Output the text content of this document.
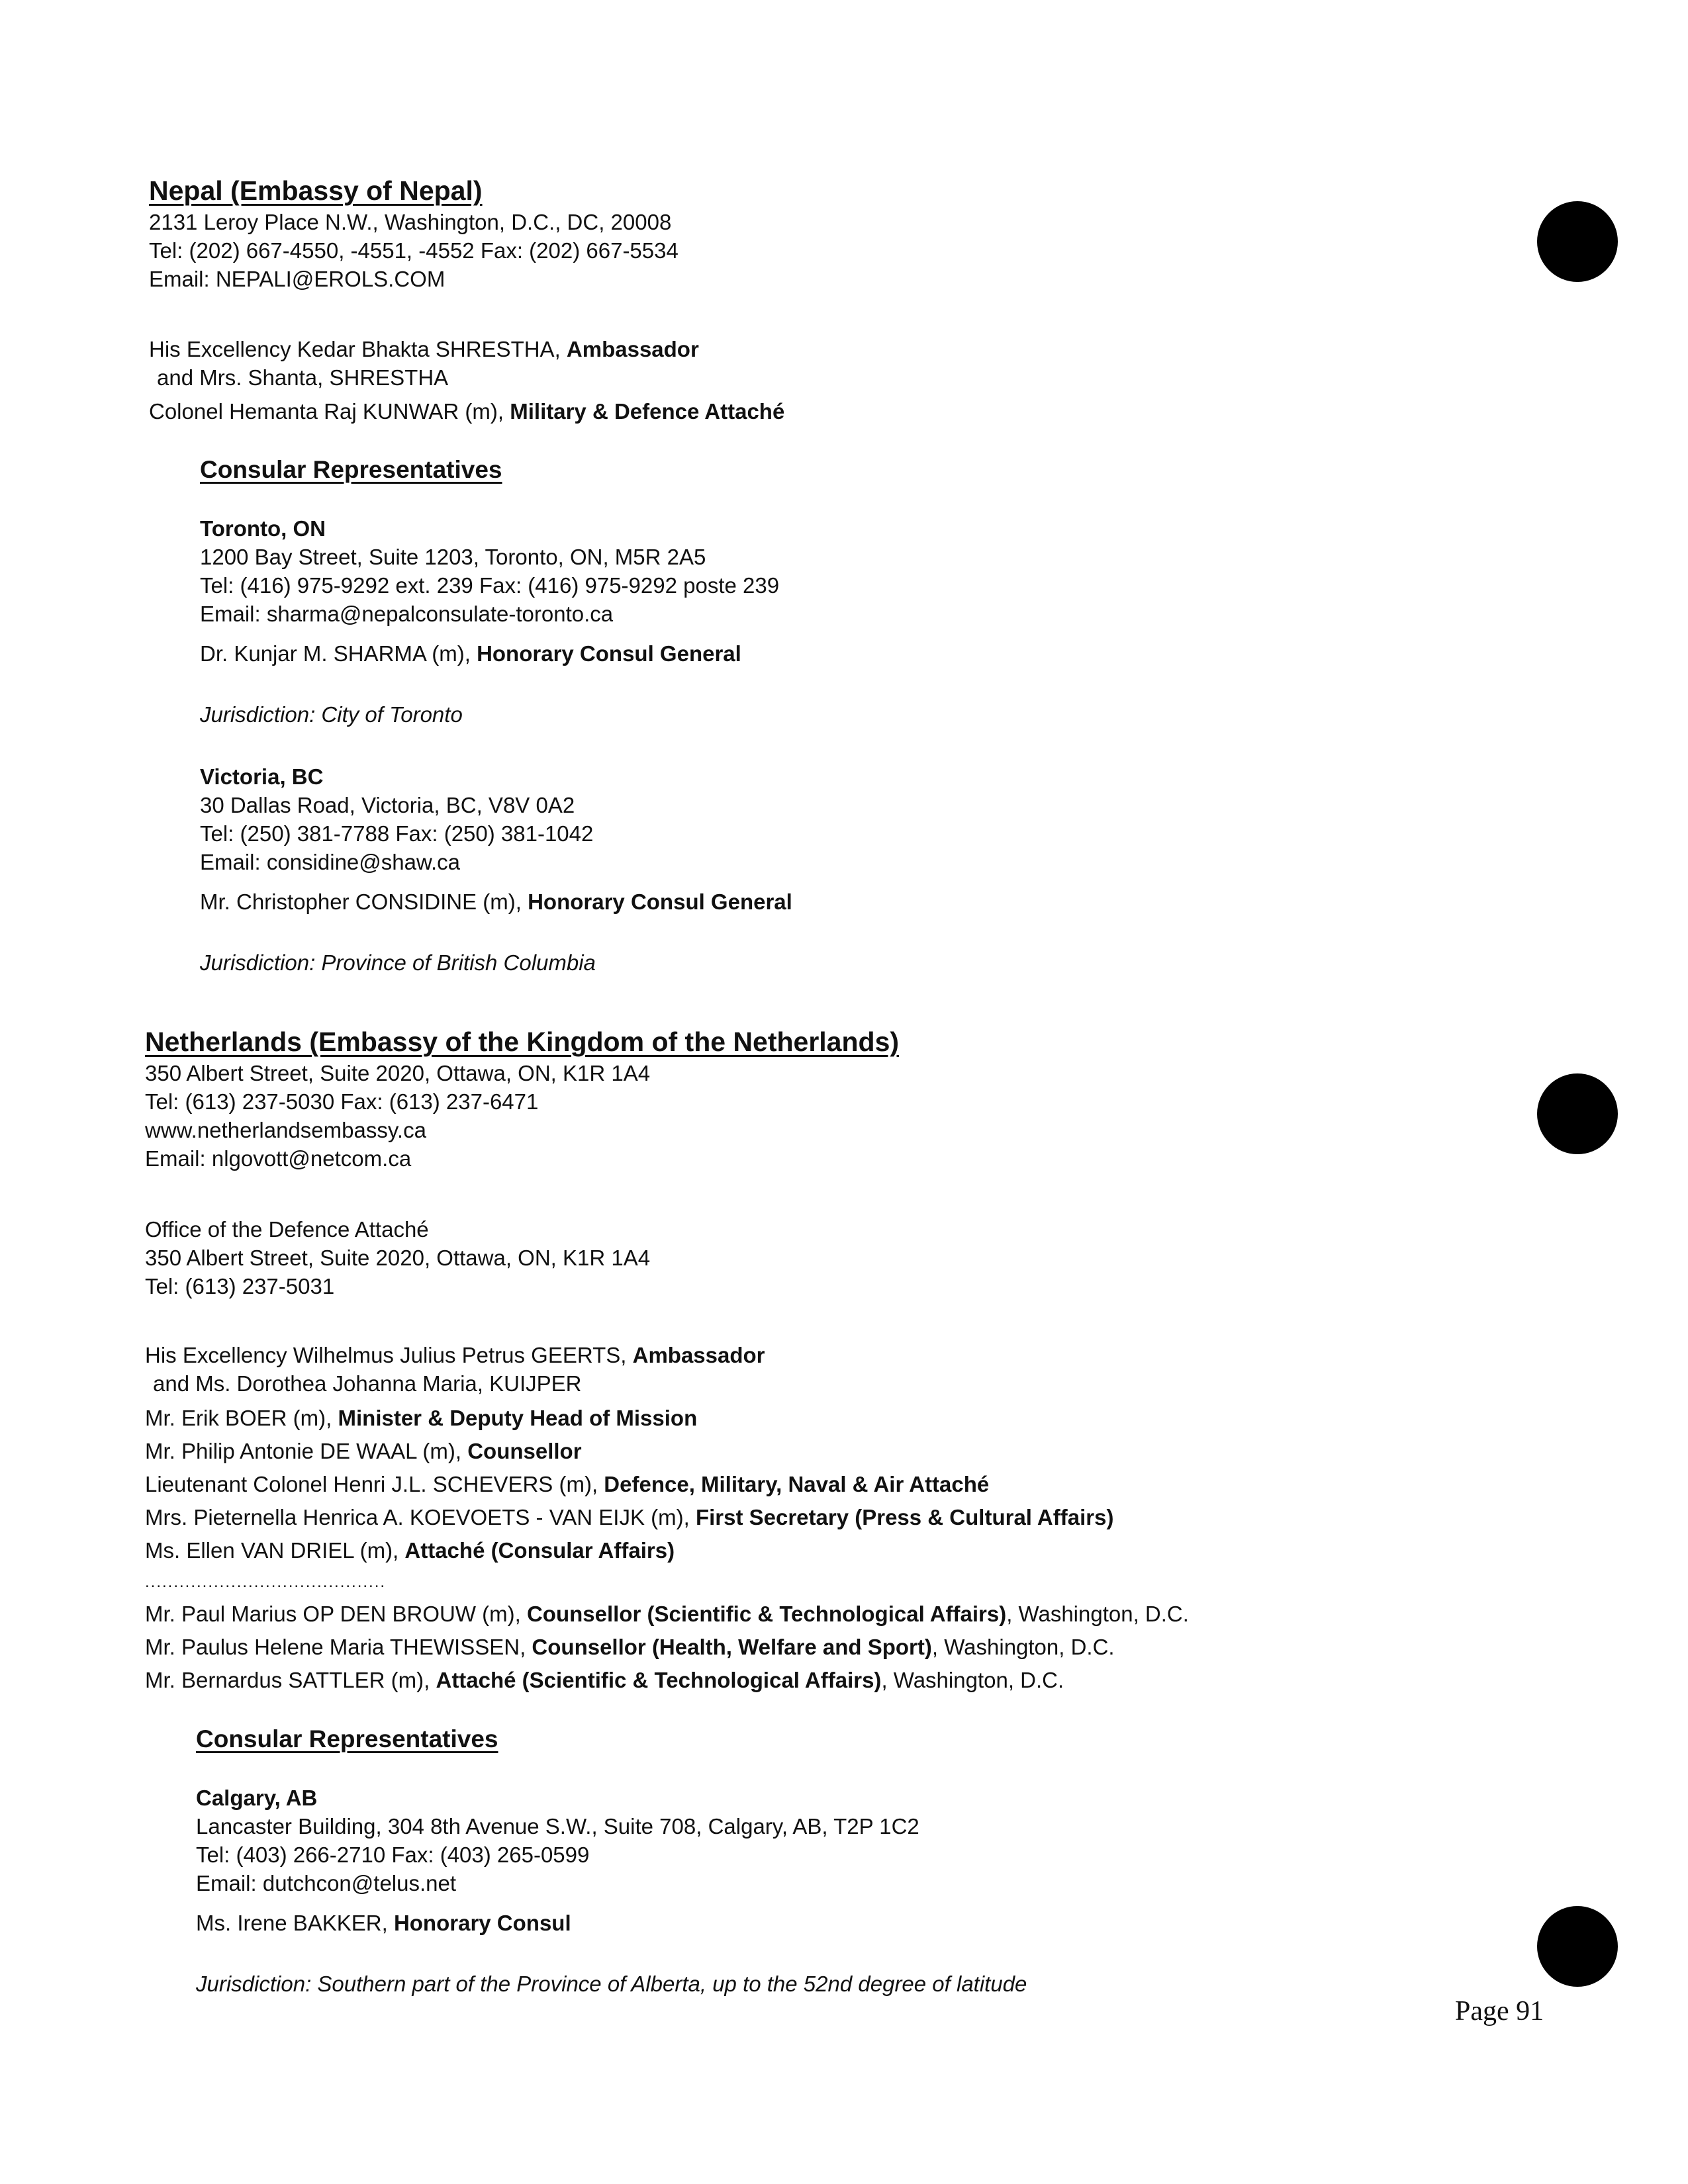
Nepal (Embassy of Nepal)
2131 Leroy Place N.W., Washington, D.C., DC, 20008
Tel: (202) 667-4550, -4551, -4552 Fax: (202) 667-5534
Email: NEPALI@EROLS.COM
His Excellency Kedar Bhakta SHRESTHA, Ambassador
and Mrs. Shanta, SHRESTHA
Colonel Hemanta Raj KUNWAR (m), Military & Defence Attaché
Consular Representatives
Toronto, ON
1200 Bay Street, Suite 1203, Toronto, ON, M5R 2A5
Tel: (416) 975-9292 ext. 239 Fax: (416) 975-9292 poste 239
Email: sharma@nepalconsulate-toronto.ca
Dr. Kunjar M. SHARMA (m), Honorary Consul General
Jurisdiction: City of Toronto
Victoria, BC
30 Dallas Road, Victoria, BC, V8V 0A2
Tel: (250) 381-7788 Fax: (250) 381-1042
Email: considine@shaw.ca
Mr. Christopher CONSIDINE (m), Honorary Consul General
Jurisdiction: Province of British Columbia
Netherlands (Embassy of the Kingdom of the Netherlands)
350 Albert Street, Suite 2020, Ottawa, ON, K1R 1A4
Tel: (613) 237-5030 Fax: (613) 237-6471
www.netherlandsembassy.ca
Email: nlgovott@netcom.ca
Office of the Defence Attaché
350 Albert Street, Suite 2020, Ottawa, ON, K1R 1A4
Tel: (613) 237-5031
His Excellency Wilhelmus Julius Petrus GEERTS, Ambassador
and Ms. Dorothea Johanna Maria, KUIJPER
Mr. Erik BOER (m), Minister & Deputy Head of Mission
Mr. Philip Antonie DE WAAL (m), Counsellor
Lieutenant Colonel Henri J.L. SCHEVERS (m), Defence, Military, Naval & Air Attaché
Mrs. Pieternella Henrica A. KOEVOETS - VAN EIJK (m), First Secretary (Press & Cultural Affairs)
Ms. Ellen VAN DRIEL (m), Attaché (Consular Affairs)
..........................................
Mr. Paul Marius OP DEN BROUW (m), Counsellor (Scientific & Technological Affairs), Washington, D.C.
Mr. Paulus Helene Maria THEWISSEN, Counsellor (Health, Welfare and Sport), Washington, D.C.
Mr. Bernardus SATTLER (m), Attaché (Scientific & Technological Affairs), Washington, D.C.
Consular Representatives
Calgary, AB
Lancaster Building, 304 8th Avenue S.W., Suite 708, Calgary, AB, T2P 1C2
Tel: (403) 266-2710 Fax: (403) 265-0599
Email: dutchcon@telus.net
Ms. Irene BAKKER, Honorary Consul
Jurisdiction: Southern part of the Province of Alberta, up to the 52nd degree of latitude
Page 91
